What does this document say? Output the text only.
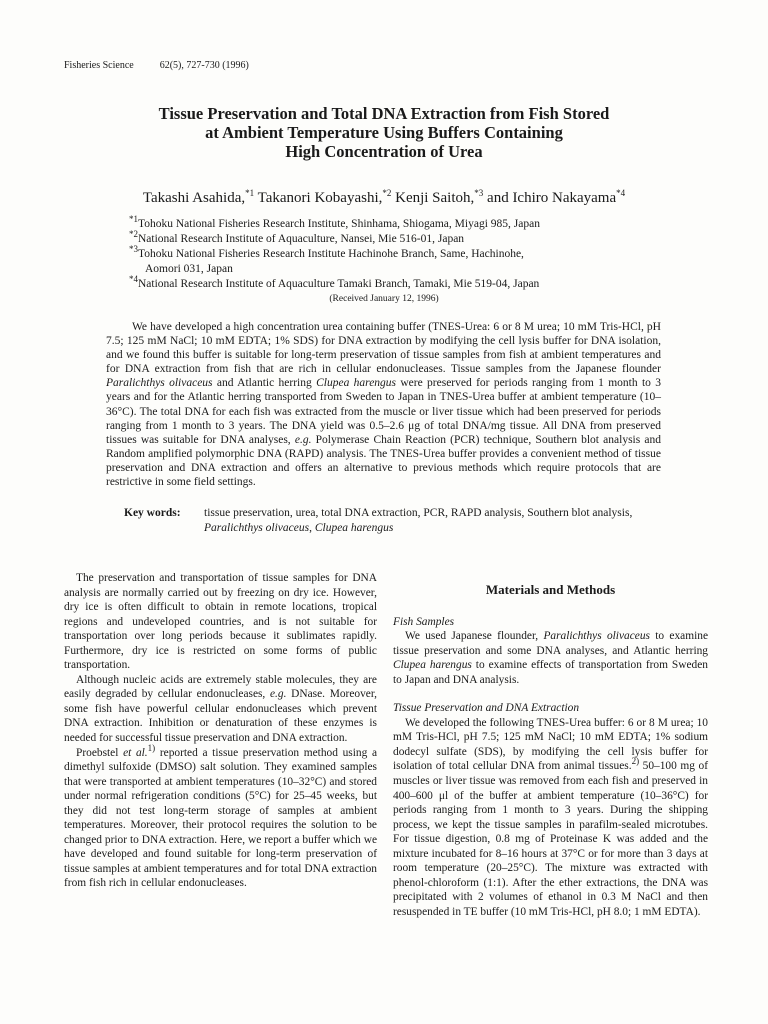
Fisheries Science	62(5), 727-730 (1996)
Tissue Preservation and Total DNA Extraction from Fish Stored
at Ambient Temperature Using Buffers Containing
High Concentration of Urea
Takashi Asahida,$^{*1}$ Takanori Kobayashi,$^{*2}$ Kenji Saitoh,$^{*3}$ and Ichiro Nakayama$^{*4}$
$^{*1}$Tohoku National Fisheries Research Institute, Shinhama, Shiogama, Miyagi 985, Japan
$^{*2}$National Research Institute of Aquaculture, Nansei, Mie 516-01, Japan
$^{*3}$Tohoku National Fisheries Research Institute Hachinohe Branch, Same, Hachinohe,
Aomori 031, Japan
$^{*4}$National Research Institute of Aquaculture Tamaki Branch, Tamaki, Mie 519-04, Japan
(Received January 12, 1996)
We have developed a high concentration urea containing buffer (TNES-Urea: 6 or 8 M urea; 10 mM Tris-HCl, pH 7.5; 125 mM NaCl; 10 mM EDTA; 1% SDS) for DNA extraction by modifying the cell lysis buffer for DNA isolation, and we found this buffer is suitable for long-term preservation of tissue samples from fish at ambient temperatures and for DNA extraction from fish that are rich in cellular endonucleases. Tissue samples from the Japanese flounder Paralichthys olivaceus and Atlantic herring Clupea harengus were preserved for periods ranging from 1 month to 3 years and for the Atlantic herring transported from Sweden to Japan in TNES-Urea buffer at ambient temperature (10–36°C). The total DNA for each fish was extracted from the muscle or liver tissue which had been preserved for periods ranging from 1 month to 3 years. The DNA yield was 0.5–2.6 μg of total DNA/mg tissue. All DNA from preserved tissues was suitable for DNA analyses, e.g. Polymerase Chain Reaction (PCR) technique, Southern blot analysis and Random amplified polymorphic DNA (RAPD) analysis. The TNES-Urea buffer provides a convenient method of tissue preservation and DNA extraction and offers an alternative to previous methods which require protocols that are restrictive in some field settings.
Key words:	tissue preservation, urea, total DNA extraction, PCR, RAPD analysis, Southern blot analysis, Paralichthys olivaceus, Clupea harengus

The preservation and transportation of tissue samples for DNA analysis are normally carried out by freezing on dry ice. However, dry ice is often difficult to obtain in remote locations, tropical regions and undeveloped countries, and is not suitable for transportation over long periods because it sublimates rapidly. Furthermore, dry ice is restricted on some forms of public transportation.

Although nucleic acids are extremely stable molecules, they are easily degraded by cellular endonucleases, e.g. DNase. Moreover, some fish have powerful cellular endonucleases which prevent DNA extraction. Inhibition or denaturation of these enzymes is needed for successful tissue preservation and DNA extraction.

Proebstel et al.$^{1)}$ reported a tissue preservation method using a dimethyl sulfoxide (DMSO) salt solution. They examined samples that were transported at ambient temperatures (10–32°C) and stored under normal refrigeration conditions (5°C) for 25–45 weeks, but they did not test long-term storage of samples at ambient temperatures. Moreover, their protocol requires the solution to be changed prior to DNA extraction. Here, we report a buffer which we have developed and found suitable for long-term preservation of tissue samples at ambient temperatures and for total DNA extraction from fish rich in cellular endonucleases.

Materials and Methods
Fish Samples

We used Japanese flounder, Paralichthys olivaceus to examine tissue preservation and some DNA analyses, and Atlantic herring Clupea harengus to examine effects of transportation from Sweden to Japan and DNA analysis.

Tissue Preservation and DNA Extraction

We developed the following TNES-Urea buffer: 6 or 8 M urea; 10 mM Tris-HCl, pH 7.5; 125 mM NaCl; 10 mM EDTA; 1% sodium dodecyl sulfate (SDS), by modifying the cell lysis buffer for isolation of total cellular DNA from animal tissues.$^{2)}$ 50–100 mg of muscles or liver tissue was removed from each fish and preserved in 400–600 μl of the buffer at ambient temperature (10–36°C) for periods ranging from 1 month to 3 years. During the shipping process, we kept the tissue samples in parafilm-sealed microtubes. For tissue digestion, 0.8 mg of Proteinase K was added and the mixture incubated for 8–16 hours at 37°C or for more than 3 days at room temperature (20–25°C). The mixture was extracted with phenol-chloroform (1:1). After the ether extractions, the DNA was precipitated with 2 volumes of ethanol in 0.3 M NaCl and then resuspended in TE buffer (10 mM Tris-HCl, pH 8.0; 1 mM EDTA).
